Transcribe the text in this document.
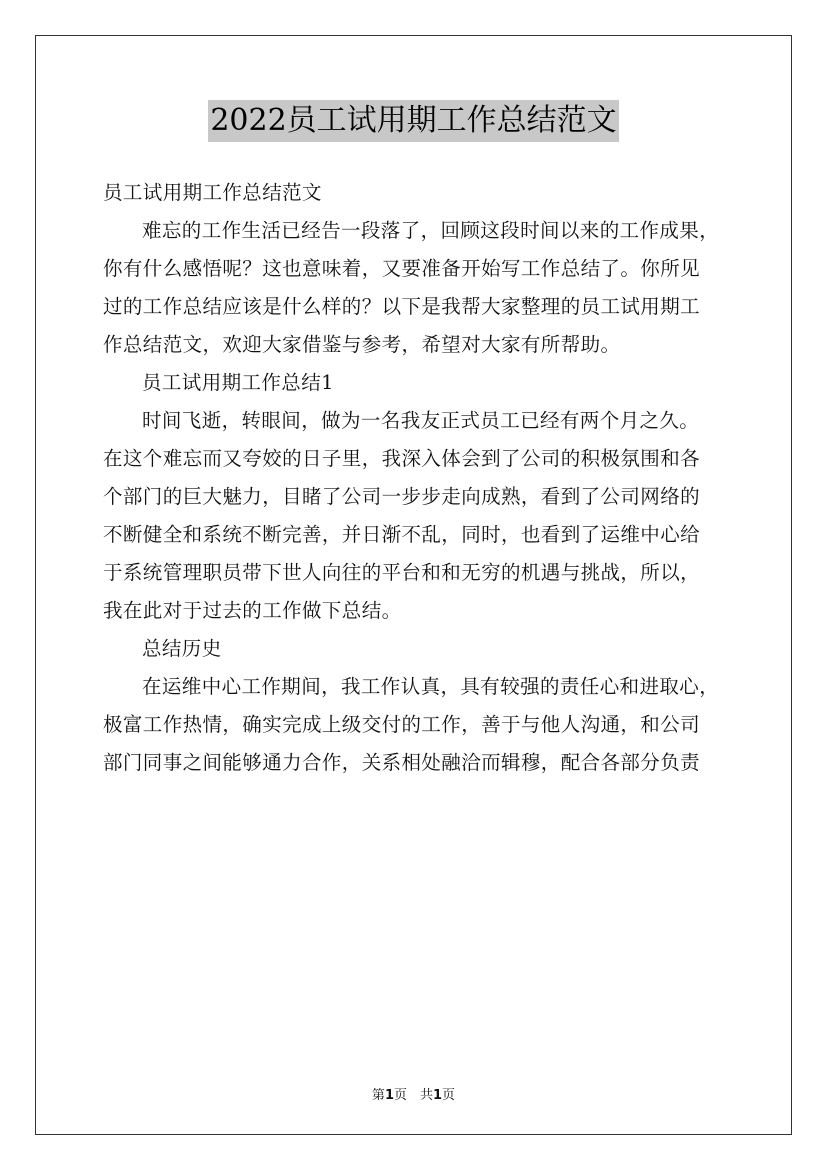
2022员工试用期工作总结范文
员工试用期工作总结范文
难忘的工作生活已经告一段落了，回顾这段时间以来的工作成果，
你有什么感悟呢？这也意味着，又要准备开始写工作总结了。你所见
过的工作总结应该是什么样的？以下是我帮大家整理的员工试用期工
作总结范文，欢迎大家借鉴与参考，希望对大家有所帮助。
员工试用期工作总结1
时间飞逝，转眼间，做为一名我友正式员工已经有两个月之久。
在这个难忘而又夸姣的日子里，我深入体会到了公司的积极氛围和各
个部门的巨大魅力，目睹了公司一步步走向成熟，看到了公司网络的
不断健全和系统不断完善，并日渐不乱，同时，也看到了运维中心给
于系统管理职员带下世人向往的平台和和无穷的机遇与挑战，所以，
我在此对于过去的工作做下总结。
总结历史
在运维中心工作期间，我工作认真，具有较强的责任心和进取心，
极富工作热情，确实完成上级交付的工作，善于与他人沟通，和公司
部门同事之间能够通力合作，关系相处融洽而辑穆，配合各部分负责
第1页　共1页
